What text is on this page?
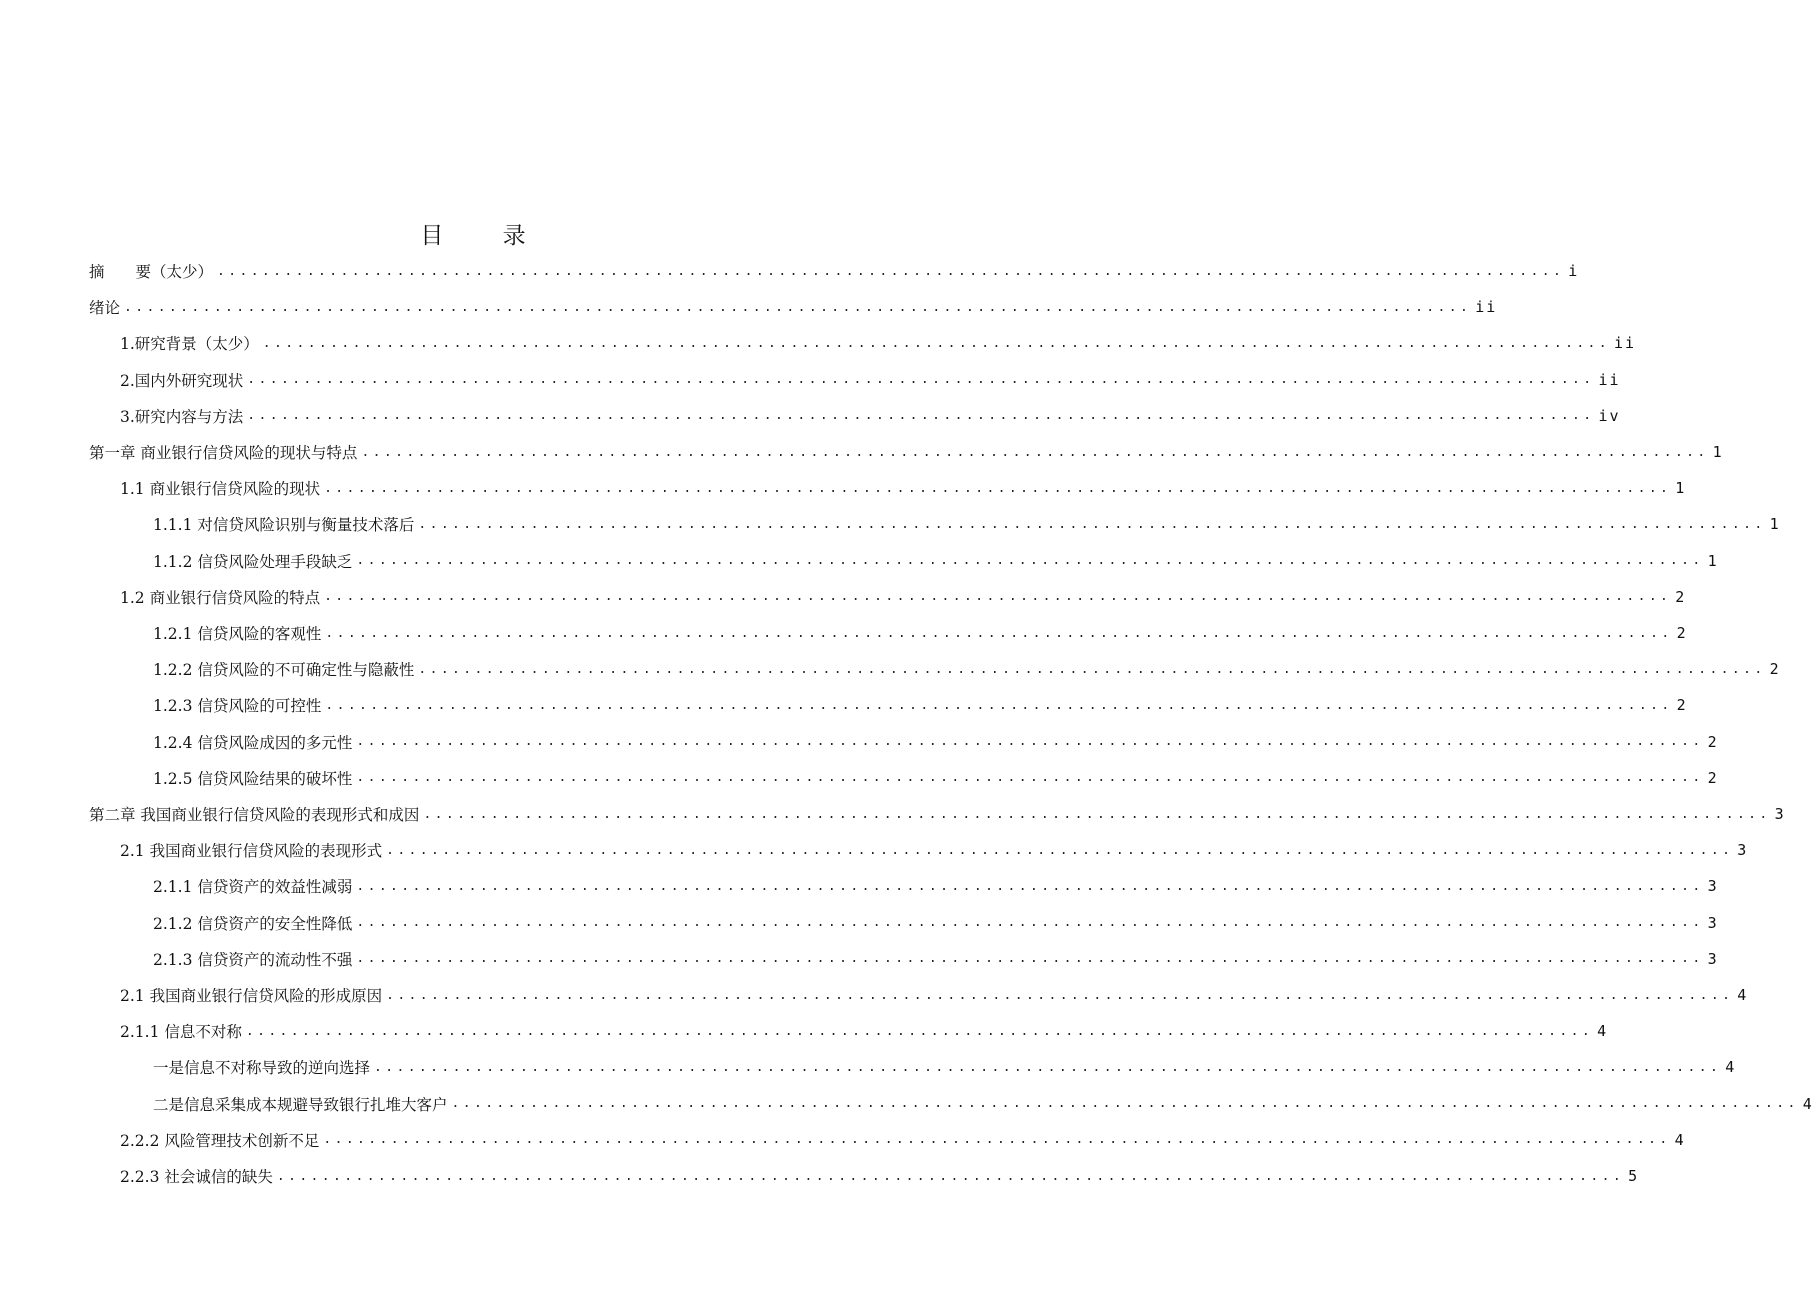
目 录
摘　　要（太少） ........................................................................................................................ i
绪论 ........................................................................................................................ ii
1.研究背景（太少） ........................................................................................................................ ii
2.国内外研究现状 ........................................................................................................................ ii
3.研究内容与方法 ........................................................................................................................ iv
第一章 商业银行信贷风险的现状与特点 ........................................................................................................................ 1
1.1 商业银行信贷风险的现状 ........................................................................................................................ 1
1.1.1 对信贷风险识别与衡量技术落后 ........................................................................................................................ 1
1.1.2 信贷风险处理手段缺乏 ........................................................................................................................ 1
1.2 商业银行信贷风险的特点 ........................................................................................................................ 2
1.2.1 信贷风险的客观性 ........................................................................................................................ 2
1.2.2 信贷风险的不可确定性与隐蔽性 ........................................................................................................................ 2
1.2.3 信贷风险的可控性 ........................................................................................................................ 2
1.2.4 信贷风险成因的多元性 ........................................................................................................................ 2
1.2.5 信贷风险结果的破坏性 ........................................................................................................................ 2
第二章 我国商业银行信贷风险的表现形式和成因 ........................................................................................................................ 3
2.1 我国商业银行信贷风险的表现形式 ........................................................................................................................ 3
2.1.1 信贷资产的效益性减弱 ........................................................................................................................ 3
2.1.2 信贷资产的安全性降低 ........................................................................................................................ 3
2.1.3 信贷资产的流动性不强 ........................................................................................................................ 3
2.1 我国商业银行信贷风险的形成原因 ........................................................................................................................ 4
2.1.1 信息不对称 ........................................................................................................................ 4
一是信息不对称导致的逆向选择 ........................................................................................................................ 4
二是信息采集成本规避导致银行扎堆大客户 ........................................................................................................................ 4
2.2.2 风险管理技术创新不足 ........................................................................................................................ 4
2.2.3 社会诚信的缺失 ........................................................................................................................ 5
